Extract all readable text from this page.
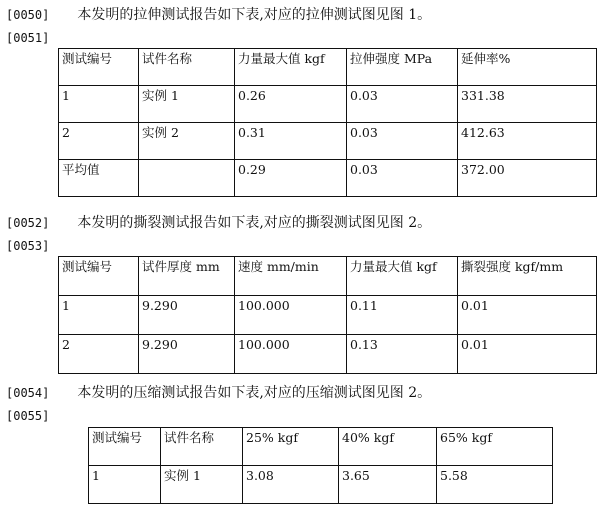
[0050] 本发明的拉伸测试报告如下表,对应的拉伸测试图见图 1。
[0051]
测试编号	试件名称	力量最大值 kgf	拉伸强度 MPa	延伸率%
1	实例 1	0.26	0.03	331.38
2	实例 2	0.31	0.03	412.63
平均值		0.29	0.03	372.00
[0052] 本发明的撕裂测试报告如下表,对应的撕裂测试图见图 2。
[0053]
测试编号	试件厚度 mm	速度 mm/min	力量最大值 kgf	撕裂强度 kgf/mm
1	9.290	100.000	0.11	0.01
2	9.290	100.000	0.13	0.01
[0054] 本发明的压缩测试报告如下表,对应的压缩测试图见图 2。
[0055]
测试编号	试件名称	25% kgf	40% kgf	65% kgf
1	实例 1	3.08	3.65	5.58
